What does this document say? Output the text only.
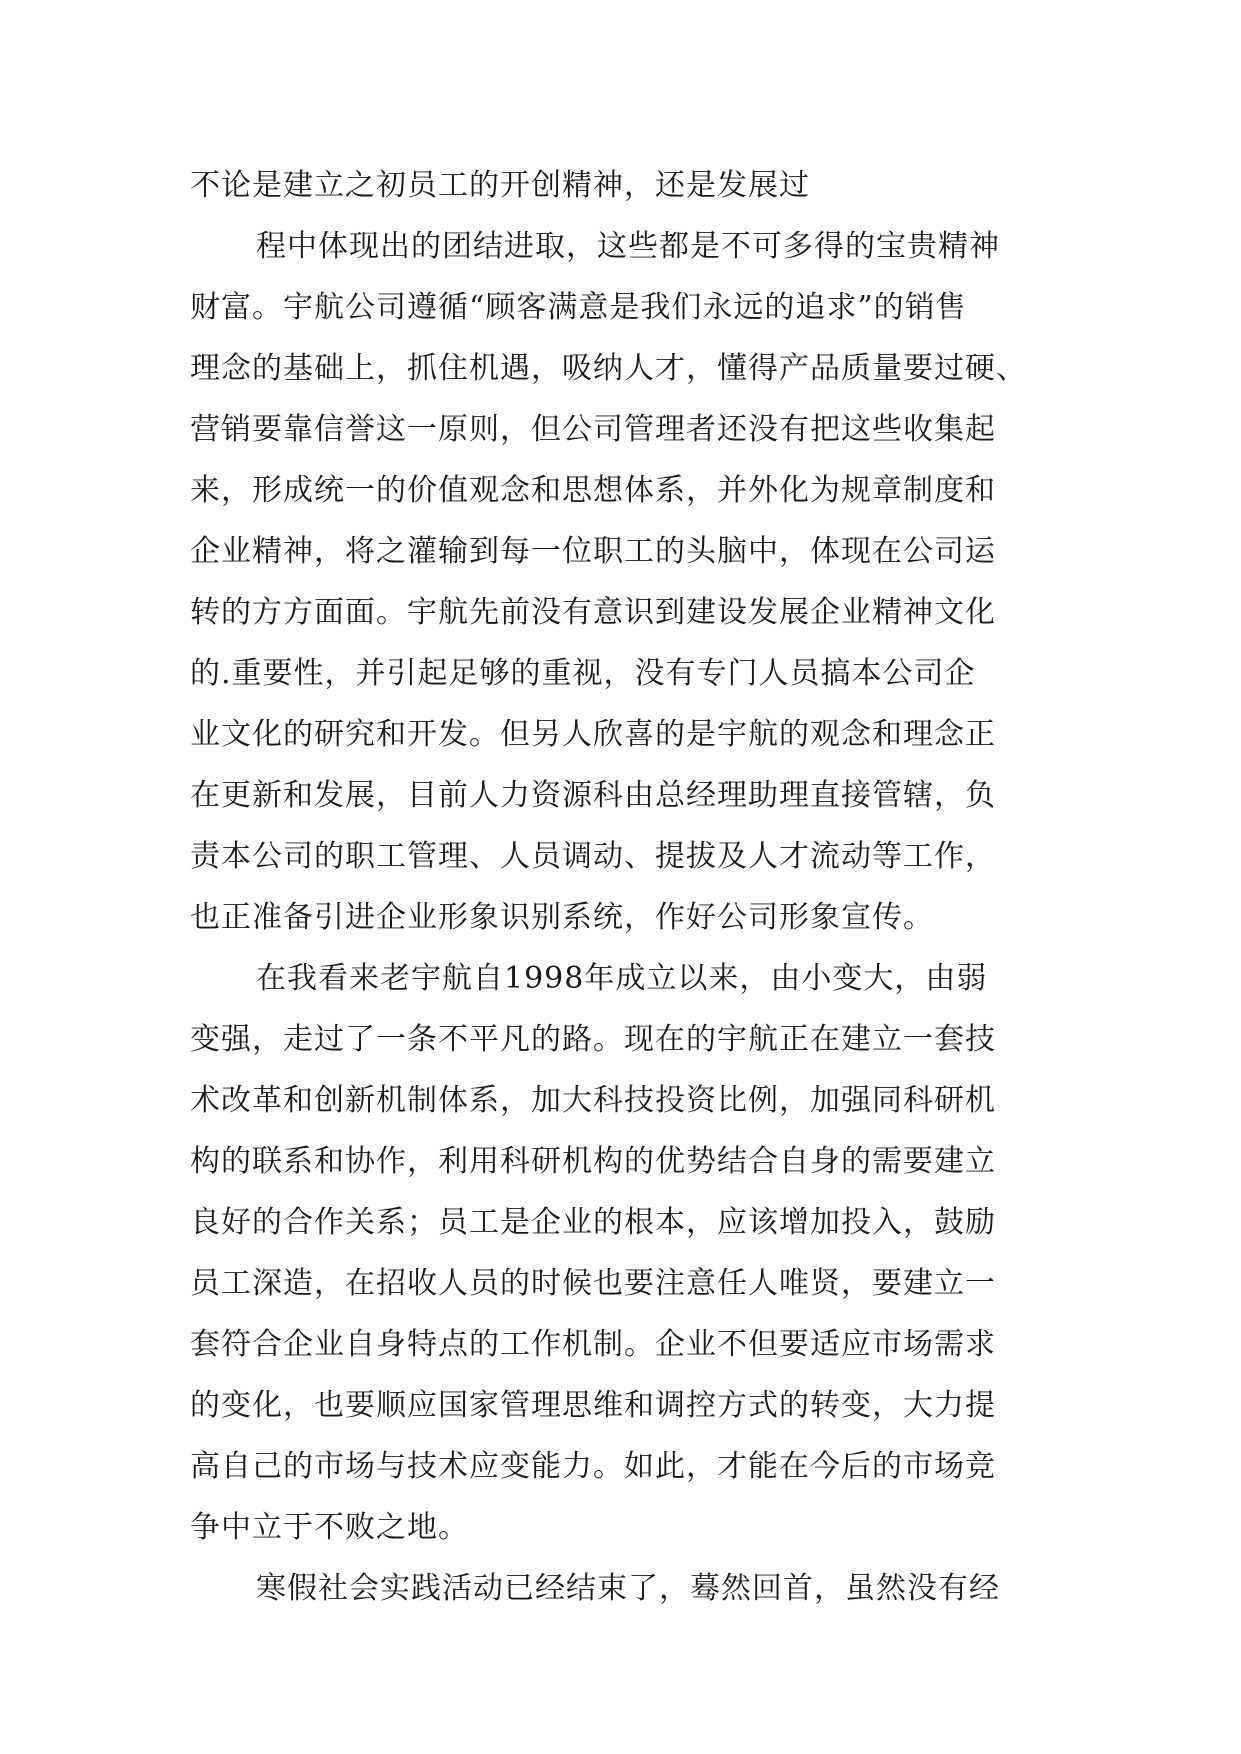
不论是建立之初员工的开创精神，还是发展过
程中体现出的团结进取，这些都是不可多得的宝贵精神
财富。宇航公司遵循“顾客满意是我们永远的追求”的销售
理念的基础上，抓住机遇，吸纳人才，懂得产品质量要过硬、
营销要靠信誉这一原则，但公司管理者还没有把这些收集起
来，形成统一的价值观念和思想体系，并外化为规章制度和
企业精神，将之灌输到每一位职工的头脑中，体现在公司运
转的方方面面。宇航先前没有意识到建设发展企业精神文化
的.重要性，并引起足够的重视，没有专门人员搞本公司企
业文化的研究和开发。但另人欣喜的是宇航的观念和理念正
在更新和发展，目前人力资源科由总经理助理直接管辖，负
责本公司的职工管理、人员调动、提拔及人才流动等工作，
也正准备引进企业形象识别系统，作好公司形象宣传。
在我看来老宇航自1998年成立以来，由小变大，由弱
变强，走过了一条不平凡的路。现在的宇航正在建立一套技
术改革和创新机制体系，加大科技投资比例，加强同科研机
构的联系和协作，利用科研机构的优势结合自身的需要建立
良好的合作关系；员工是企业的根本，应该增加投入，鼓励
员工深造，在招收人员的时候也要注意任人唯贤，要建立一
套符合企业自身特点的工作机制。企业不但要适应市场需求
的变化，也要顺应国家管理思维和调控方式的转变，大力提
高自己的市场与技术应变能力。如此，才能在今后的市场竞
争中立于不败之地。
寒假社会实践活动已经结束了，蓦然回首，虽然没有经
